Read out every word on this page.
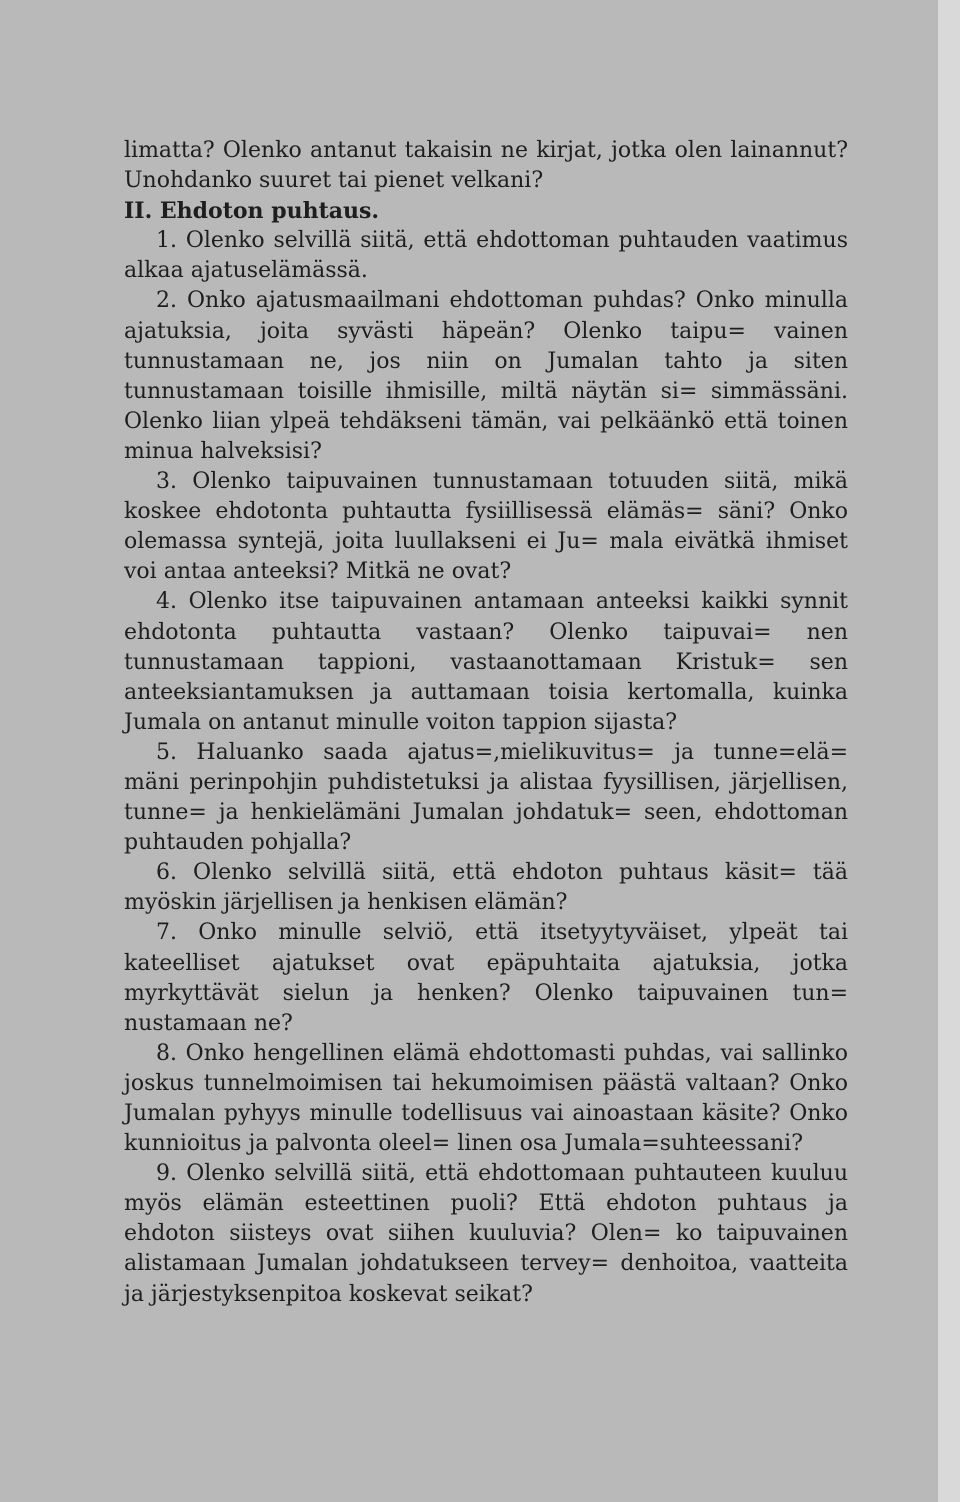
limatta? Olenko antanut takaisin ne kirjat, jotka olen lainannut? Unohdanko suuret tai pienet velkani?

II. Ehdoton puhtaus.

1. Olenko selvillä siitä, että ehdottoman puhtauden vaatimus alkaa ajatuselämässä.

2. Onko ajatusmaailmani ehdottoman puhdas? Onko minulla ajatuksia, joita syvästi häpeän? Olenko taipu= vainen tunnustamaan ne, jos niin on Jumalan tahto ja siten tunnustamaan toisille ihmisille, miltä näytän si= simmässäni. Olenko liian ylpeä tehdäkseni tämän, vai pelkäänkö että toinen minua halveksisi?

3. Olenko taipuvainen tunnustamaan totuuden siitä, mikä koskee ehdotonta puhtautta fysiillisessä elämäs= säni? Onko olemassa syntejä, joita luullakseni ei Ju= mala eivätkä ihmiset voi antaa anteeksi? Mitkä ne ovat?

4. Olenko itse taipuvainen antamaan anteeksi kaikki synnit ehdotonta puhtautta vastaan? Olenko taipuvai= nen tunnustamaan tappioni, vastaanottamaan Kristuk= sen anteeksiantamuksen ja auttamaan toisia kertomalla, kuinka Jumala on antanut minulle voiton tappion sijasta?

5. Haluanko saada ajatus=,mielikuvitus= ja tunne=elä= mäni perinpohjin puhdistetuksi ja alistaa fyysillisen, järjellisen, tunne= ja henkielämäni Jumalan johdatuk= seen, ehdottoman puhtauden pohjalla?

6. Olenko selvillä siitä, että ehdoton puhtaus käsit= tää myöskin järjellisen ja henkisen elämän?

7. Onko minulle selviö, että itsetyytyväiset, ylpeät tai kateelliset ajatukset ovat epäpuhtaita ajatuksia, jotka myrkyttävät sielun ja henken? Olenko taipuvainen tun= nustamaan ne?

8. Onko hengellinen elämä ehdottomasti puhdas, vai sallinko joskus tunnelmoimisen tai hekumoimisen päästä valtaan? Onko Jumalan pyhyys minulle todellisuus vai ainoastaan käsite? Onko kunnioitus ja palvonta oleel= linen osa Jumala=suhteessani?

9. Olenko selvillä siitä, että ehdottomaan puhtauteen kuuluu myös elämän esteettinen puoli? Että ehdoton puhtaus ja ehdoton siisteys ovat siihen kuuluvia? Olen= ko taipuvainen alistamaan Jumalan johdatukseen tervey= denhoitoa, vaatteita ja järjestyksenpitoa koskevat seikat?
